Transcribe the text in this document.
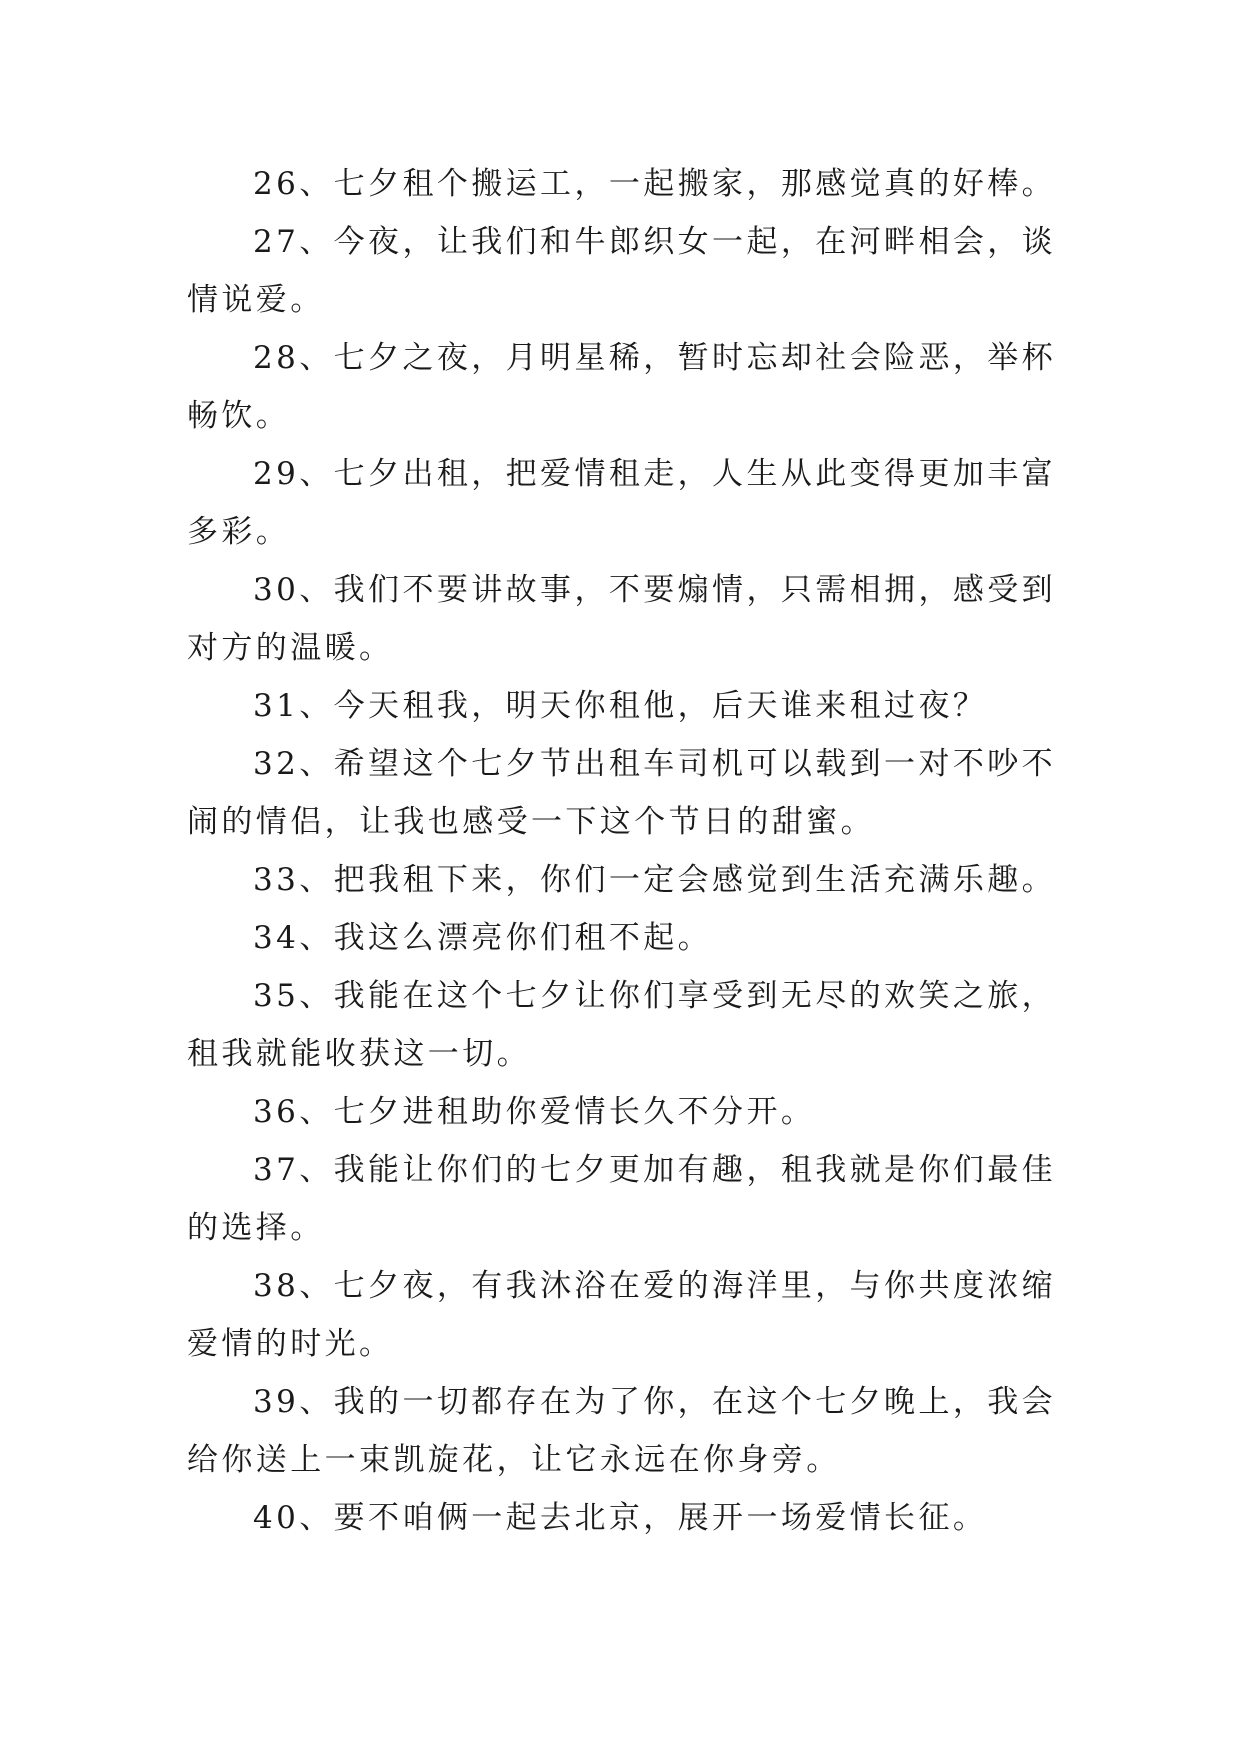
26、七夕租个搬运工，一起搬家，那感觉真的好棒。

27、今夜，让我们和牛郎织女一起，在河畔相会，谈情说爱。

28、七夕之夜，月明星稀，暂时忘却社会险恶，举杯畅饮。

29、七夕出租，把爱情租走，人生从此变得更加丰富多彩。

30、我们不要讲故事，不要煽情，只需相拥，感受到对方的温暖。

31、今天租我，明天你租他，后天谁来租过夜？

32、希望这个七夕节出租车司机可以载到一对不吵不闹的情侣，让我也感受一下这个节日的甜蜜。

33、把我租下来，你们一定会感觉到生活充满乐趣。

34、我这么漂亮你们租不起。

35、我能在这个七夕让你们享受到无尽的欢笑之旅，租我就能收获这一切。

36、七夕进租助你爱情长久不分开。

37、我能让你们的七夕更加有趣，租我就是你们最佳的选择。

38、七夕夜，有我沐浴在爱的海洋里，与你共度浓缩爱情的时光。

39、我的一切都存在为了你，在这个七夕晚上，我会给你送上一束凯旋花，让它永远在你身旁。

40、要不咱俩一起去北京，展开一场爱情长征。
